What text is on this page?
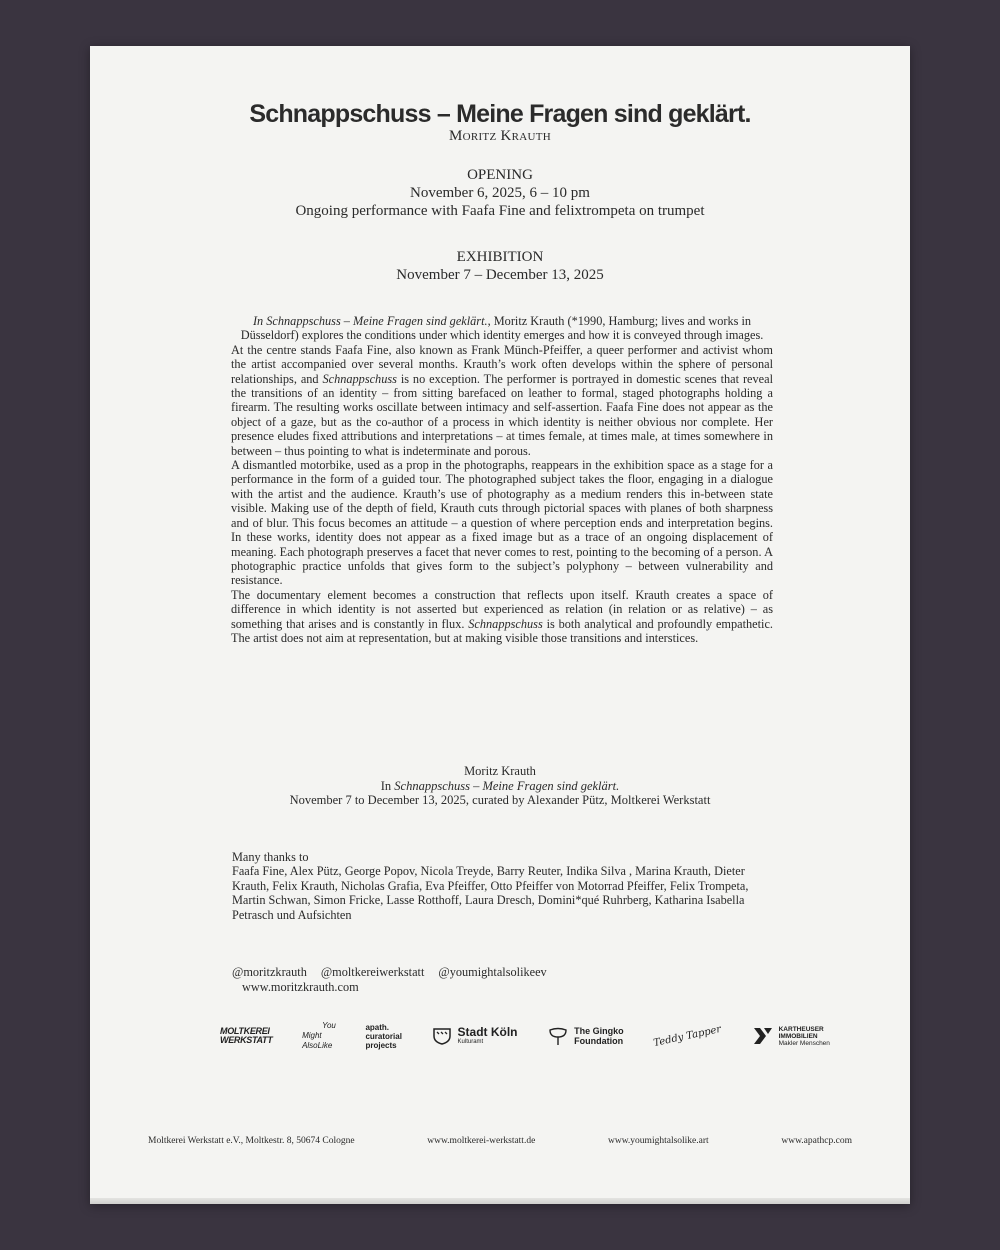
Schnappschuss – Meine Fragen sind geklärt.
Moritz Krauth
OPENING
November 6, 2025, 6 – 10 pm
Ongoing performance with Faafa Fine and felixtrompeta on trumpet
EXHIBITION
November 7 – December 13, 2025

In Schnappschuss – Meine Fragen sind geklärt., Moritz Krauth (*1990, Hamburg; lives and works in Düsseldorf) explores the conditions under which identity emerges and how it is conveyed through images.

At the centre stands Faafa Fine, also known as Frank Münch-Pfeiffer, a queer performer and activist whom the artist accompanied over several months. Krauth’s work often develops within the sphere of personal relationships, and Schnappschuss is no exception. The performer is portrayed in domestic scenes that reveal the transitions of an identity – from sitting barefaced on leather to formal, staged photographs holding a firearm. The resulting works oscillate between intimacy and self-assertion. Faafa Fine does not appear as the object of a gaze, but as the co-author of a process in which identity is neither obvious nor complete. Her presence eludes fixed attributions and interpretations – at times female, at times male, at times somewhere in between – thus pointing to what is indeterminate and porous.

A dismantled motorbike, used as a prop in the photographs, reappears in the exhibition space as a stage for a performance in the form of a guided tour. The photographed subject takes the floor, engaging in a dialogue with the artist and the audience. Krauth’s use of photography as a medium renders this in-between state visible. Making use of the depth of field, Krauth cuts through pictorial spaces with planes of both sharpness and of blur. This focus becomes an attitude – a question of where perception ends and interpretation begins. In these works, identity does not appear as a fixed image but as a trace of an ongoing displacement of meaning. Each photograph preserves a facet that never comes to rest, pointing to the becoming of a person. A photographic practice unfolds that gives form to the subject’s polyphony – between vulnerability and resistance.

The documentary element becomes a construction that reflects upon itself. Krauth creates a space of difference in which identity is not asserted but experienced as relation (in relation or as relative) – as something that arises and is constantly in flux. Schnappschuss is both analytical and profoundly empathetic. The artist does not aim at representation, but at making visible those transitions and interstices.

Moritz Krauth
In Schnappschuss – Meine Fragen sind geklärt.
November 7 to December 13, 2025, curated by Alexander Pütz, Moltkerei Werkstatt
Many thanks to
Faafa Fine, Alex Pütz, George Popov, Nicola Treyde, Barry Reuter, Indika Silva , Marina Krauth, Dieter Krauth, Felix Krauth, Nicholas Grafia, Eva Pfeiffer, Otto Pfeiffer von Motorrad Pfeiffer, Felix Trompeta, Martin Schwan, Simon Fricke, Lasse Rotthoff, Laura Dresch, Domini*qué Ruhrberg, Katharina Isabella Petrasch und Aufsichten
@moritzkrauth @moltkereiwerkstatt @youmightalsolikeev
www.moritzkrauth.com
MOLTKEREI
WERKSTATT
You
Might
AlsoLike
apath.
curatorial
projects
Stadt Köln
Kulturamt
The Gingko
Foundation	Teddy Tapper	KARTHEUSER
IMMOBILIEN
Makler Menschen
Moltkerei Werkstatt e.V., Moltkestr. 8, 50674 Cologne	www.moltkerei-werkstatt.de	www.youmightalsolike.art	www.apathcp.com
